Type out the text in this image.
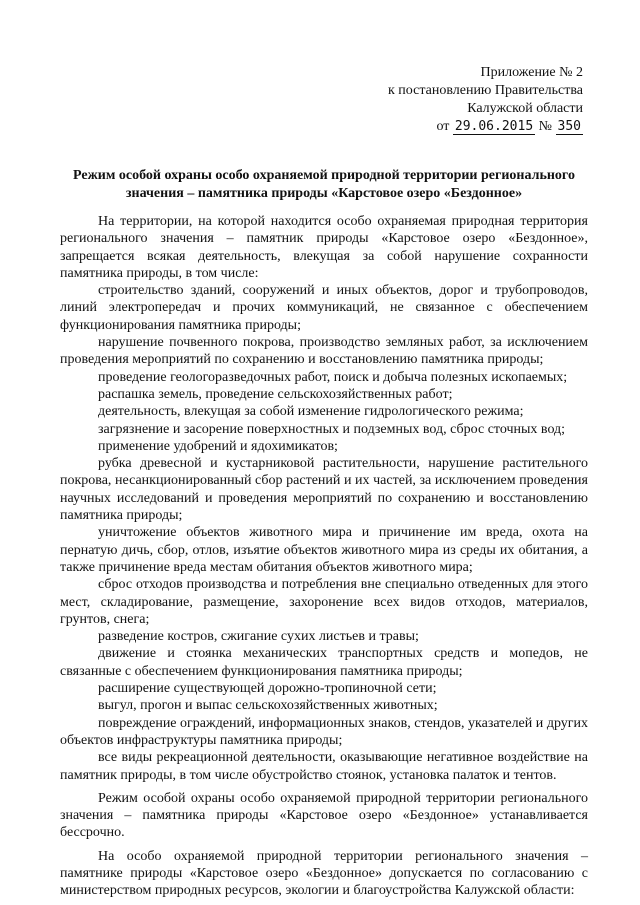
Приложение № 2
к постановлению Правительства
Калужской области
от 29.06.2015 № 350
Режим особой охраны особо охраняемой природной территории регионального значения – памятника природы «Карстовое озеро «Бездонное»

На территории, на которой находится особо охраняемая природная территория регионального значения – памятник природы «Карстовое озеро «Бездонное», запрещается всякая деятельность, влекущая за собой нарушение сохранности памятника природы, в том числе:

строительство зданий, сооружений и иных объектов, дорог и трубопроводов, линий электропередач и прочих коммуникаций, не связанное с обеспечением функционирования памятника природы;

нарушение почвенного покрова, производство земляных работ, за исключением проведения мероприятий по сохранению и восстановлению памятника природы;

проведение геологоразведочных работ, поиск и добыча полезных ископаемых;

распашка земель, проведение сельскохозяйственных работ;

деятельность, влекущая за собой изменение гидрологического режима;

загрязнение и засорение поверхностных и подземных вод, сброс сточных вод;

применение удобрений и ядохимикатов;

рубка древесной и кустарниковой растительности, нарушение растительного покрова, несанкционированный сбор растений и их частей, за исключением проведения научных исследований и проведения мероприятий по сохранению и восстановлению памятника природы;

уничтожение объектов животного мира и причинение им вреда, охота на пернатую дичь, сбор, отлов, изъятие объектов животного мира из среды их обитания, а также причинение вреда местам обитания объектов животного мира;

сброс отходов производства и потребления вне специально отведенных для этого мест, складирование, размещение, захоронение всех видов отходов, материалов, грунтов, снега;

разведение костров, сжигание сухих листьев и травы;

движение и стоянка механических транспортных средств и мопедов, не связанные с обеспечением функционирования памятника природы;

расширение существующей дорожно-тропиночной сети;

выгул, прогон и выпас сельскохозяйственных животных;

повреждение ограждений, информационных знаков, стендов, указателей и других объектов инфраструктуры памятника природы;

все виды рекреационной деятельности, оказывающие негативное воздействие на памятник природы, в том числе обустройство стоянок, установка палаток и тентов.

Режим особой охраны особо охраняемой природной территории регионального значения – памятника природы «Карстовое озеро «Бездонное» устанавливается бессрочно.

На особо охраняемой природной территории регионального значения – памятнике природы «Карстовое озеро «Бездонное» допускается по согласованию с министерством природных ресурсов, экологии и благоустройства Калужской области:
